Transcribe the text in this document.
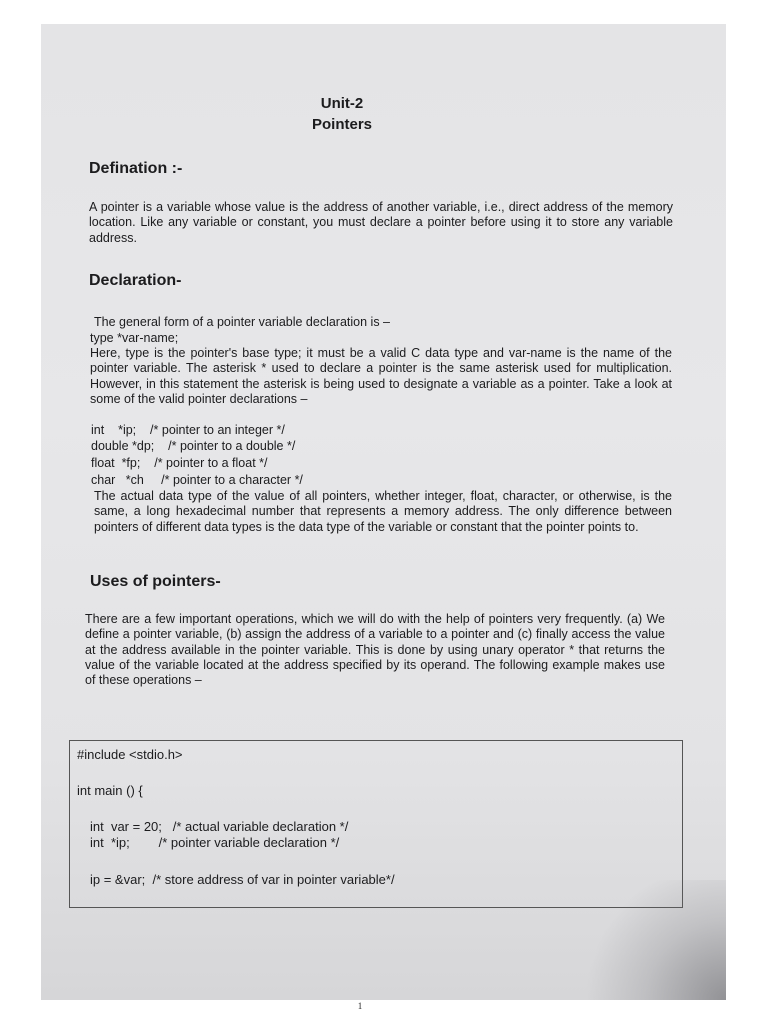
Unit-2
Pointers
Defination :-
A pointer is a variable whose value is the address of another variable, i.e., direct address of the memory location. Like any variable or constant, you must declare a pointer before using it to store any variable address.
Declaration-
The general form of a pointer variable declaration is –
type *var-name;
Here, type is the pointer's base type; it must be a valid C data type and var-name is the name of the pointer variable. The asterisk * used to declare a pointer is the same asterisk used for multiplication. However, in this statement the asterisk is being used to designate a variable as a pointer. Take a look at some of the valid pointer declarations –
int    *ip;    /* pointer to an integer */
double *dp;    /* pointer to a double */
float  *fp;    /* pointer to a float */
char   *ch     /* pointer to a character */
The actual data type of the value of all pointers, whether integer, float, character, or otherwise, is the same, a long hexadecimal number that represents a memory address. The only difference between pointers of different data types is the data type of the variable or constant that the pointer points to.
Uses of pointers-
There are a few important operations, which we will do with the help of pointers very frequently. (a) We define a pointer variable, (b) assign the address of a variable to a pointer and (c) finally access the value at the address available in the pointer variable. This is done by using unary operator * that returns the value of the variable located at the address specified by its operand. The following example makes use of these operations –
#include <stdio.h>
int main () {
int  var = 20;   /* actual variable declaration */
int  *ip;        /* pointer variable declaration */
ip = &var;  /* store address of var in pointer variable*/
1
